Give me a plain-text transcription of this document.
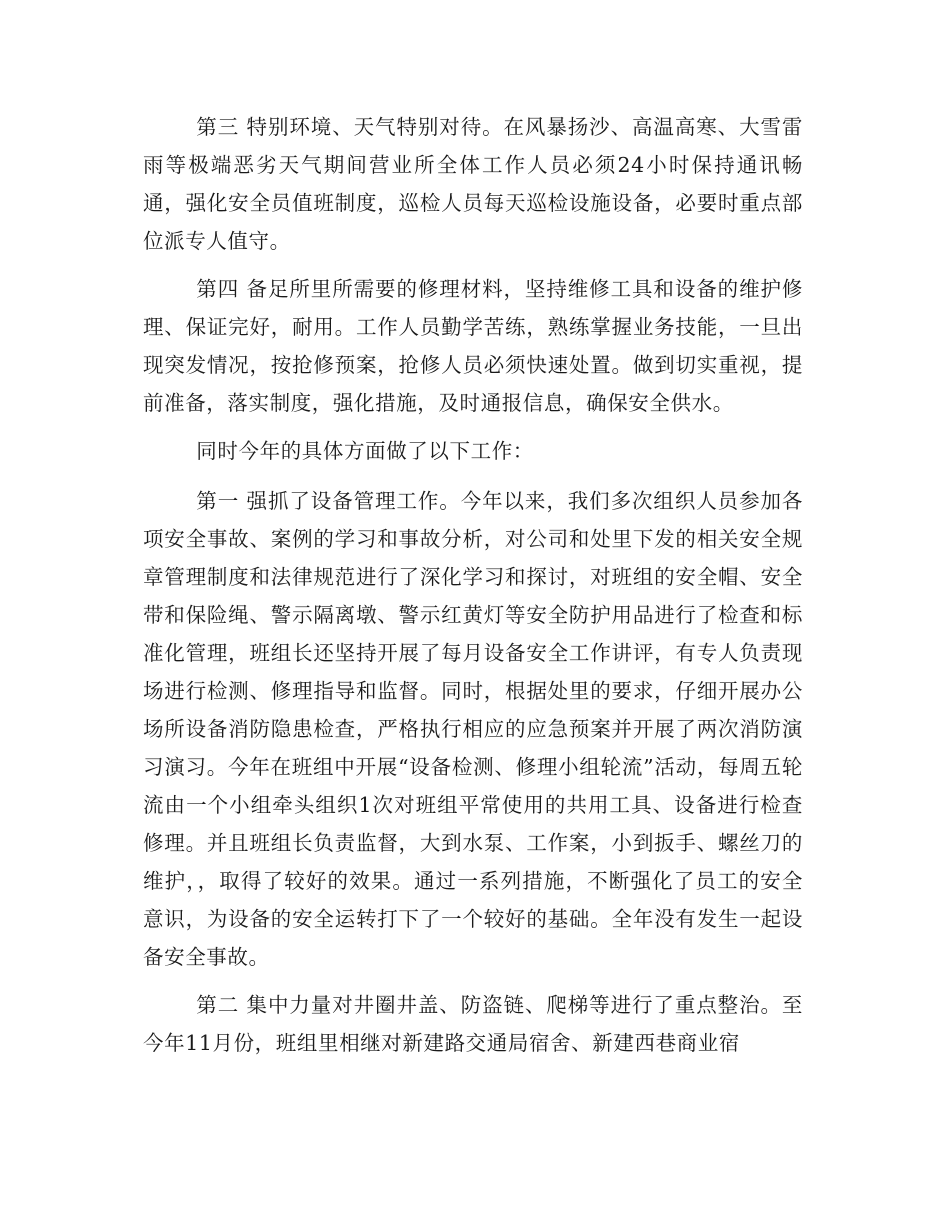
第三 特别环境、天气特别对待。在风暴扬沙、高温高寒、大雪雷雨等极端恶劣天气期间营业所全体工作人员必须24小时保持通讯畅通，强化安全员值班制度，巡检人员每天巡检设施设备，必要时重点部位派专人值守。

第四 备足所里所需要的修理材料，坚持维修工具和设备的维护修理、保证完好，耐用。工作人员勤学苦练，熟练掌握业务技能，一旦出现突发情况，按抢修预案，抢修人员必须快速处置。做到切实重视，提前准备，落实制度，强化措施，及时通报信息，确保安全供水。

同时今年的具体方面做了以下工作：

第一 强抓了设备管理工作。今年以来，我们多次组织人员参加各项安全事故、案例的学习和事故分析，对公司和处里下发的相关安全规章管理制度和法律规范进行了深化学习和探讨，对班组的安全帽、安全带和保险绳、警示隔离墩、警示红黄灯等安全防护用品进行了检查和标准化管理，班组长还坚持开展了每月设备安全工作讲评，有专人负责现场进行检测、修理指导和监督。同时，根据处里的要求，仔细开展办公场所设备消防隐患检查，严格执行相应的应急预案并开展了两次消防演习演习。今年在班组中开展“设备检测、修理小组轮流”活动，每周五轮流由一个小组牵头组织1次对班组平常使用的共用工具、设备进行检查修理。并且班组长负责监督，大到水泵、工作案，小到扳手、螺丝刀的维护，，取得了较好的效果。通过一系列措施，不断强化了员工的安全意识，为设备的安全运转打下了一个较好的基础。全年没有发生一起设备安全事故。

第二 集中力量对井圈井盖、防盗链、爬梯等进行了重点整治。至今年11月份，班组里相继对新建路交通局宿舍、新建西巷商业宿
